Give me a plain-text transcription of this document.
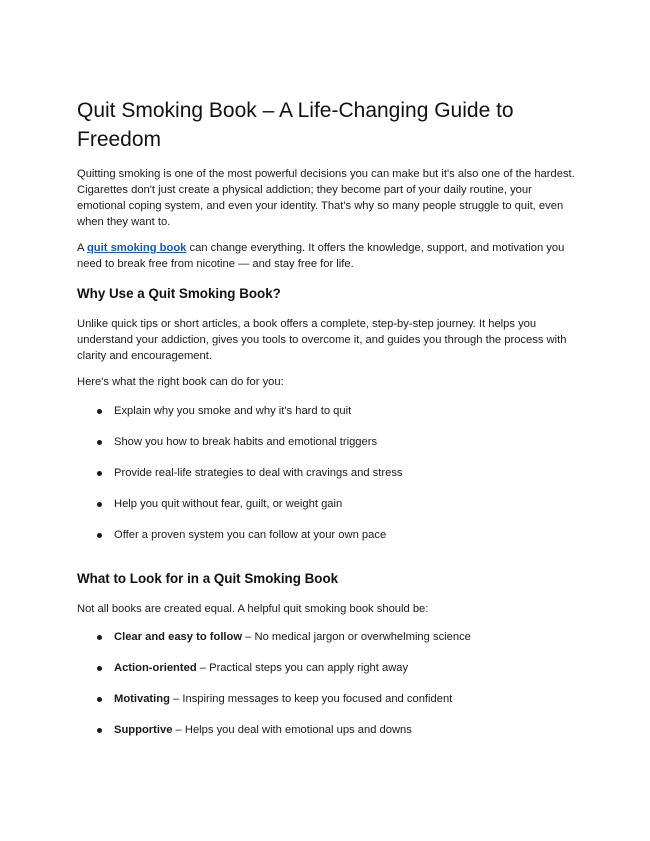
Quit Smoking Book – A Life-Changing Guide to Freedom

Quitting smoking is one of the most powerful decisions you can make but it's also one of the hardest. Cigarettes don't just create a physical addiction; they become part of your daily routine, your emotional coping system, and even your identity. That's why so many people struggle to quit, even when they want to.

A quit smoking book can change everything. It offers the knowledge, support, and motivation you need to break free from nicotine — and stay free for life.

Why Use a Quit Smoking Book?

Unlike quick tips or short articles, a book offers a complete, step-by-step journey. It helps you understand your addiction, gives you tools to overcome it, and guides you through the process with clarity and encouragement.

Here's what the right book can do for you:

Explain why you smoke and why it's hard to quit
Show you how to break habits and emotional triggers
Provide real-life strategies to deal with cravings and stress
Help you quit without fear, guilt, or weight gain
Offer a proven system you can follow at your own pace
What to Look for in a Quit Smoking Book

Not all books are created equal. A helpful quit smoking book should be:

Clear and easy to follow – No medical jargon or overwhelming science
Action-oriented – Practical steps you can apply right away
Motivating – Inspiring messages to keep you focused and confident
Supportive – Helps you deal with emotional ups and downs
